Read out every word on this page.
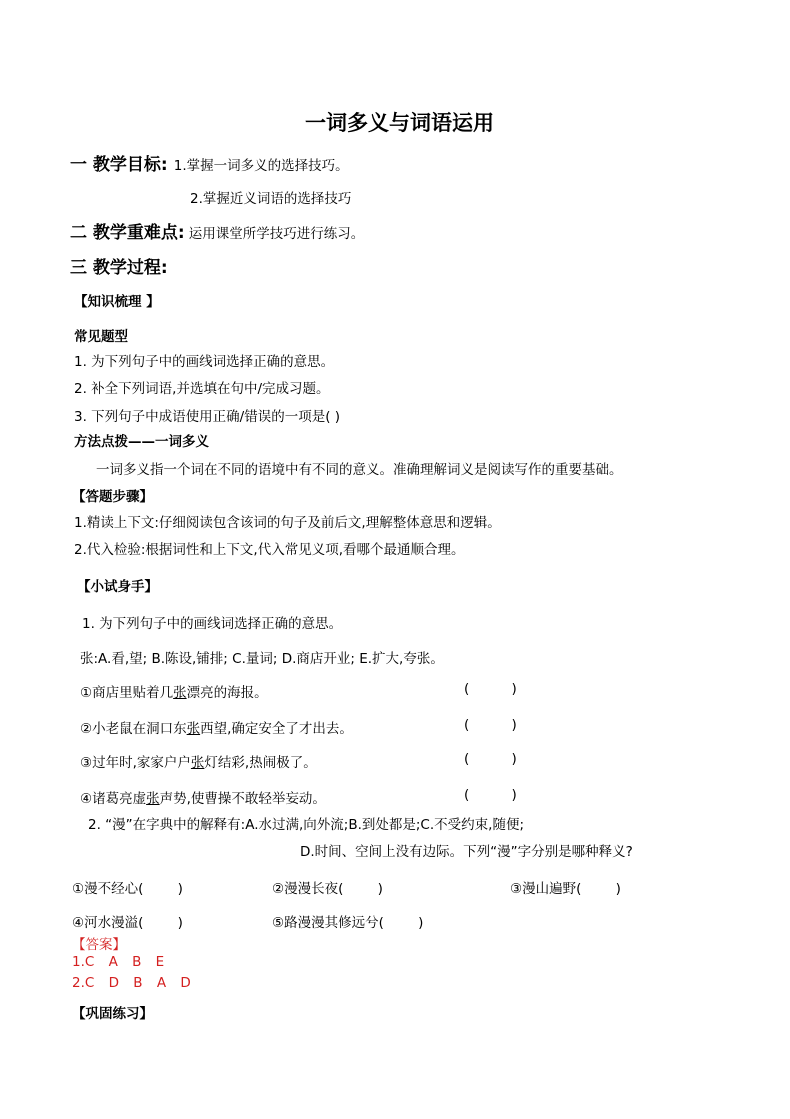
一词多义与词语运用
一 教学目标: 1.掌握一词多义的选择技巧。
2.掌握近义词语的选择技巧
二 教学重难点: 运用课堂所学技巧进行练习。
三 教学过程:
【知识梳理 】
常见题型
1. 为下列句子中的画线词选择正确的意思。
2. 补全下列词语,并选填在句中/完成习题。
3. 下列句子中成语使用正确/错误的一项是( )
方法点拨——一词多义
一词多义指一个词在不同的语境中有不同的意义。准确理解词义是阅读写作的重要基础。
【答题步骤】
1.精读上下文:仔细阅读包含该词的句子及前后文,理解整体意思和逻辑。
2.代入检验:根据词性和上下文,代入常见义项,看哪个最通顺合理。
【小试身手】
1. 为下列句子中的画线词选择正确的意思。
张:A.看,望; B.陈设,铺排; C.量词; D.商店开业; E.扩大,夸张。
①商店里贴着几张漂亮的海报。	( )
②小老鼠在洞口东张西望,确定安全了才出去。	( )
③过年时,家家户户张灯结彩,热闹极了。	( )
④诸葛亮虚张声势,使曹操不敢轻举妄动。	( )
2. “漫”在字典中的解释有:A.水过满,向外流;B.到处都是;C.不受约束,随便;
D.时间、空间上没有边际。下列“漫”字分别是哪种释义?
①漫不经心( )	②漫漫长夜( )	③漫山遍野( )
④河水漫溢( )	⑤路漫漫其修远兮( )
【答案】
1.C A B E
2.C D B A D
【巩固练习】
